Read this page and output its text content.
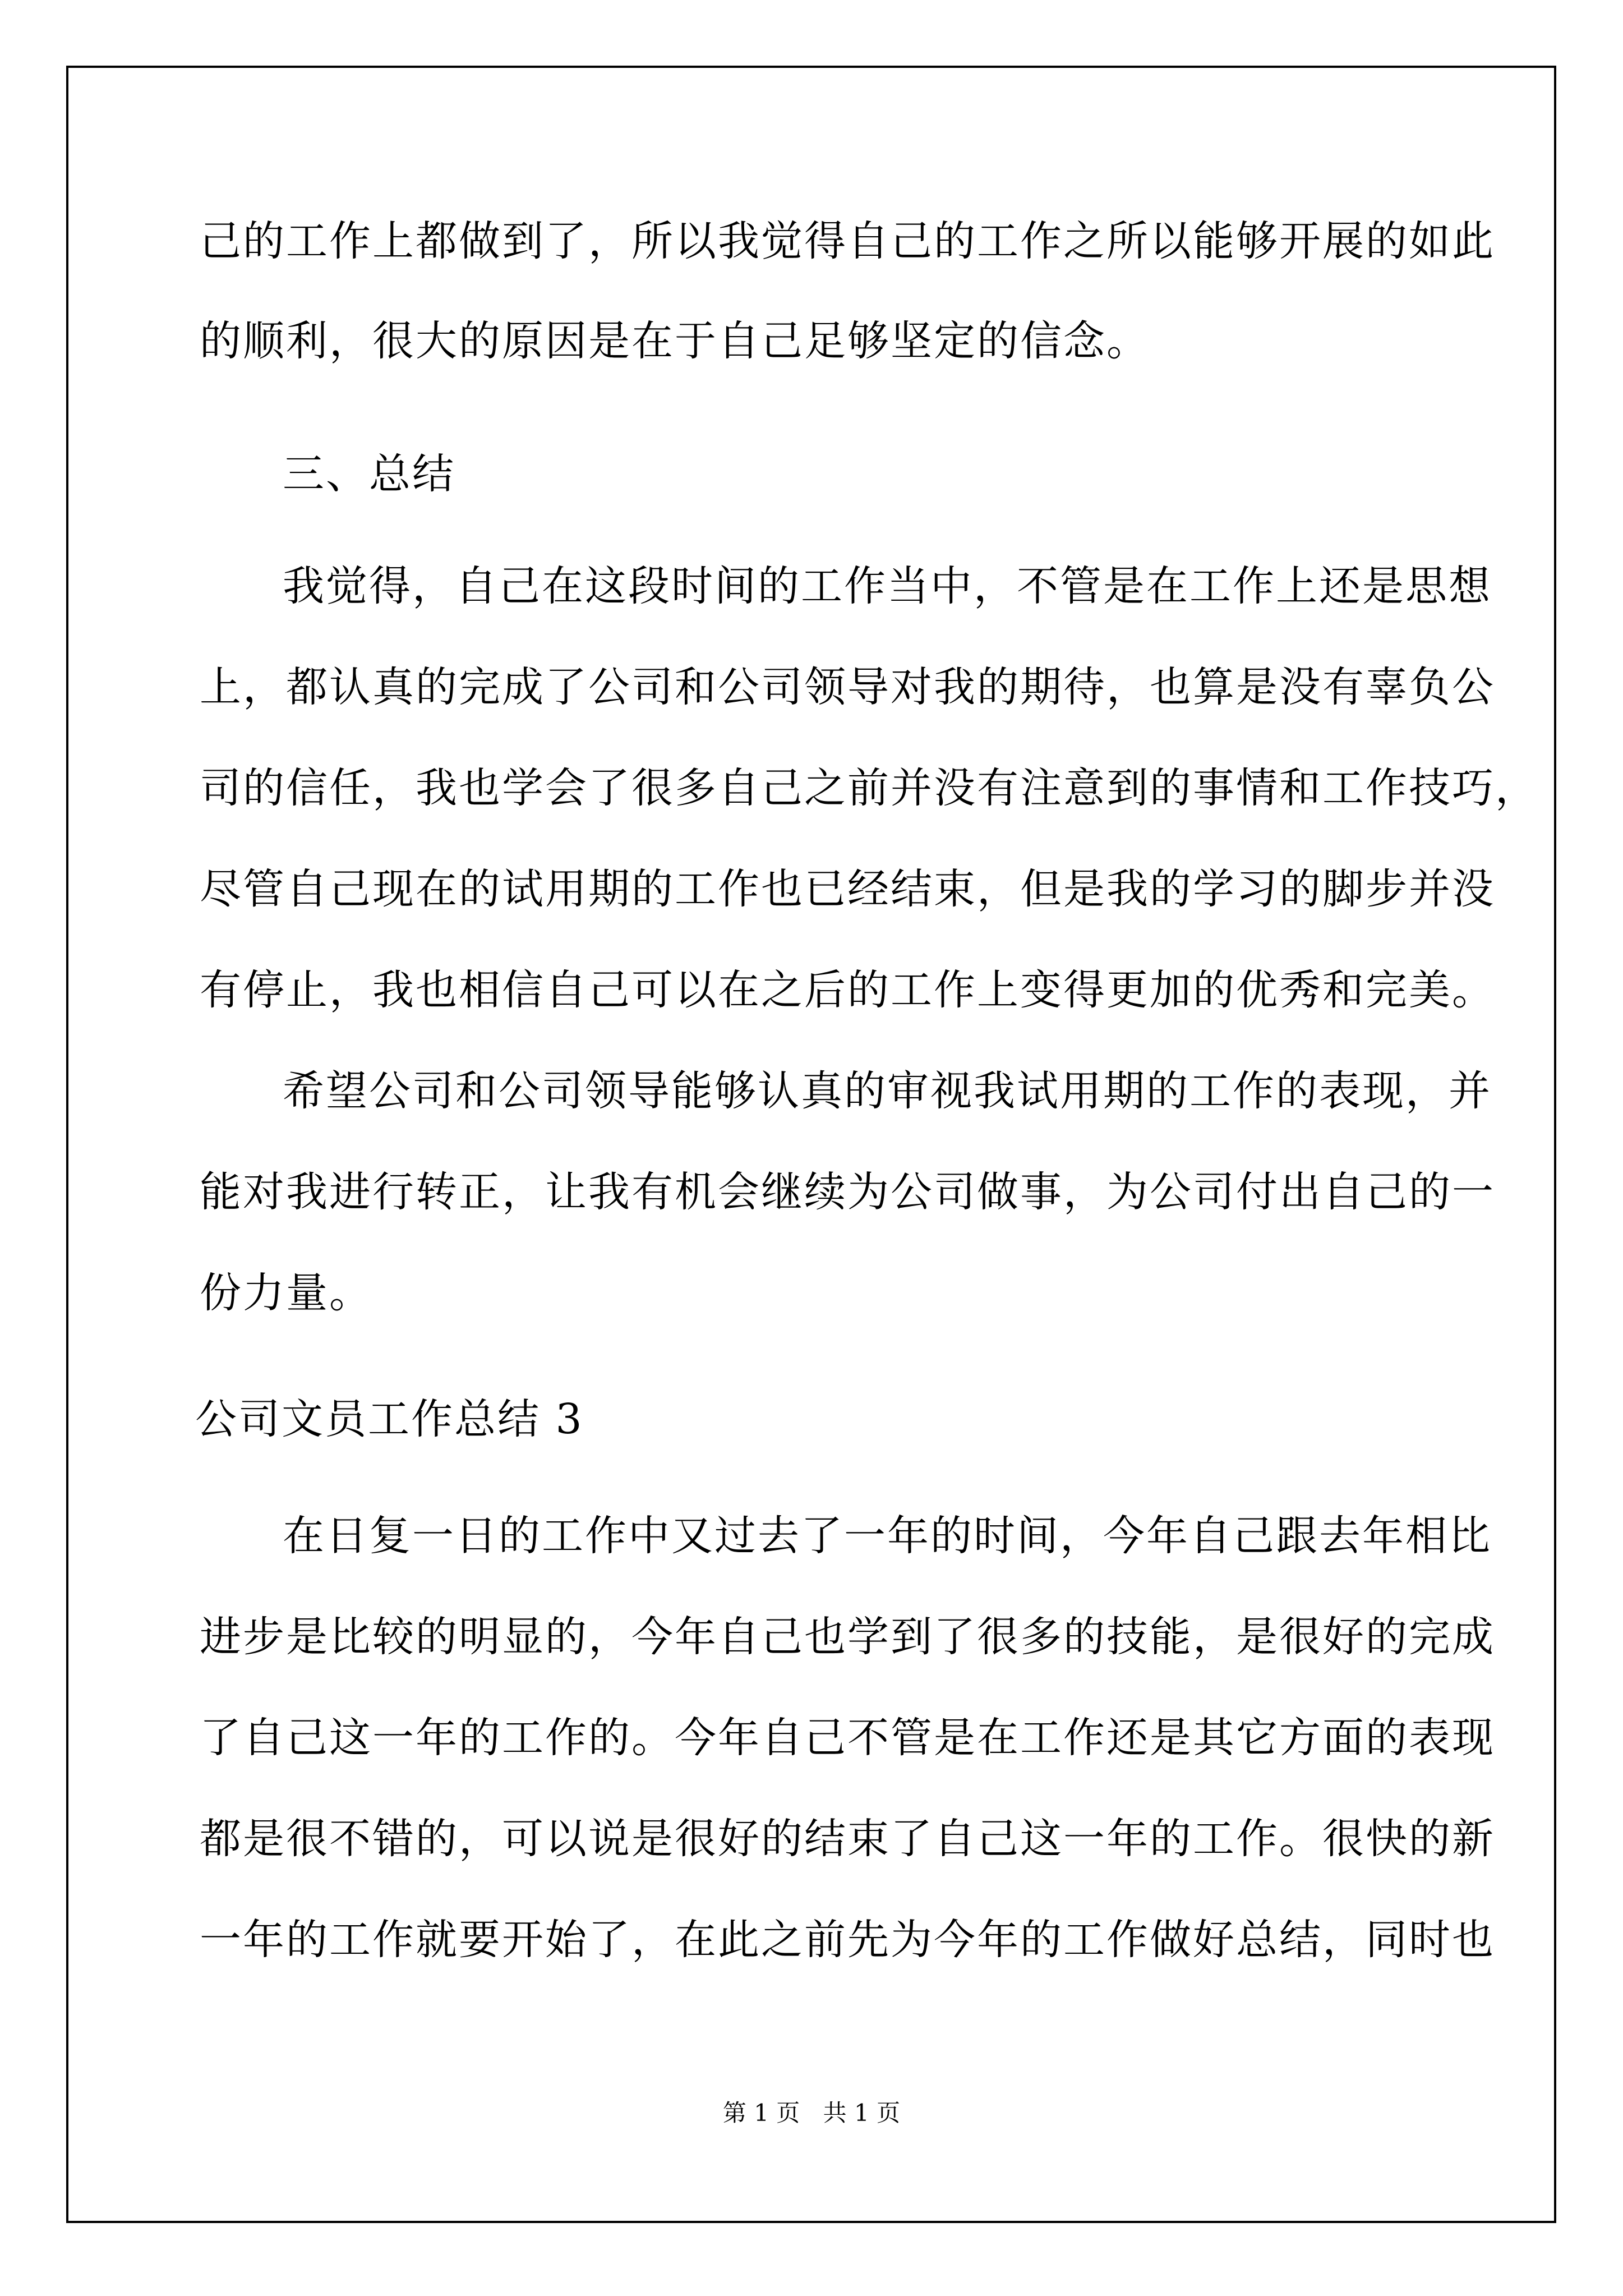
己的工作上都做到了，所以我觉得自己的工作之所以能够开展的如此
的顺利，很大的原因是在于自己足够坚定的信念。
三、总结
我觉得，自己在这段时间的工作当中，不管是在工作上还是思想
上，都认真的完成了公司和公司领导对我的期待，也算是没有辜负公
司的信任，我也学会了很多自己之前并没有注意到的事情和工作技巧，
尽管自己现在的试用期的工作也已经结束，但是我的学习的脚步并没
有停止，我也相信自己可以在之后的工作上变得更加的优秀和完美。
希望公司和公司领导能够认真的审视我试用期的工作的表现，并
能对我进行转正，让我有机会继续为公司做事，为公司付出自己的一
份力量。
公司文员工作总结 3
在日复一日的工作中又过去了一年的时间，今年自己跟去年相比
进步是比较的明显的，今年自己也学到了很多的技能，是很好的完成
了自己这一年的工作的。今年自己不管是在工作还是其它方面的表现
都是很不错的，可以说是很好的结束了自己这一年的工作。很快的新
一年的工作就要开始了，在此之前先为今年的工作做好总结，同时也
第 1 页 共 1 页
